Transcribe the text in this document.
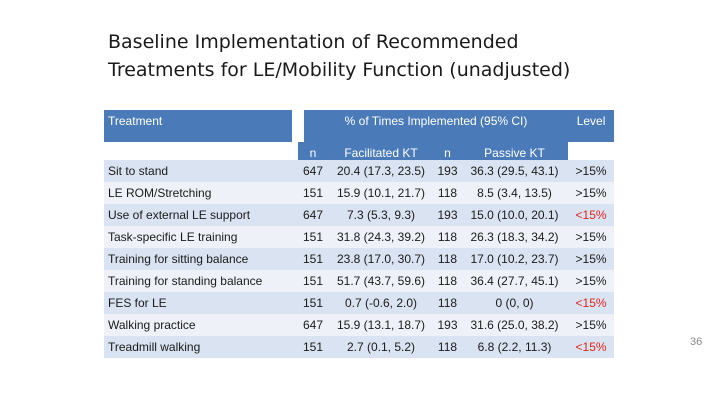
Baseline Implementation of Recommended
Treatments for LE/Mobility Function (unadjusted)
Treatment	% of Times Implemented (95% CI)				Level
	n	Facilitated KT	n	Passive KT	
Sit to stand	647	20.4 (17.3, 23.5)	193	36.3 (29.5, 43.1)	>15%
LE ROM/Stretching	151	15.9 (10.1, 21.7)	118	8.5 (3.4, 13.5)	>15%
Use of external LE support	647	7.3 (5.3, 9.3)	193	15.0 (10.0, 20.1)	<15%
Task-specific LE training	151	31.8 (24.3, 39.2)	118	26.3 (18.3, 34.2)	>15%
Training for sitting balance	151	23.8 (17.0, 30.7)	118	17.0 (10.2, 23.7)	>15%
Training for standing balance	151	51.7 (43.7, 59.6)	118	36.4 (27.7, 45.1)	>15%
FES for LE	151	0.7 (-0.6, 2.0)	118	0 (0, 0)	<15%
Walking practice	647	15.9 (13.1, 18.7)	193	31.6 (25.0, 38.2)	>15%
Treadmill walking	151	2.7 (0.1, 5.2)	118	6.8 (2.2, 11.3)	<15%	36
